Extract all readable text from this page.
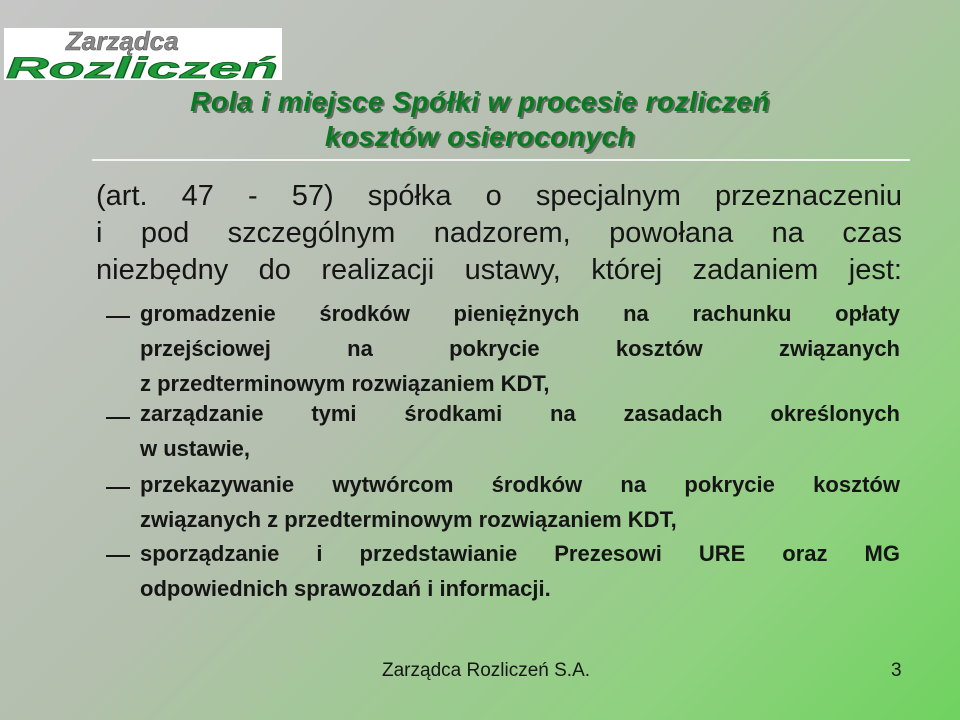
Zarządca
Rozliczeń
Rola i miejsce Spółki w procesie rozliczeń
kosztów osieroconych
(art. 47 - 57) spółka o specjalnym przeznaczeniu
i pod szczególnym nadzorem, powołana na czas
niezbędny do realizacji ustawy, której zadaniem jest:
gromadzenie środków pieniężnych na rachunku opłaty
przejściowej	na	pokrycie	kosztów	związanych
z przedterminowym rozwiązaniem KDT,
zarządzanie tymi środkami na zasadach określonych
w ustawie,
przekazywanie wytwórcom środków na pokrycie kosztów
związanych z przedterminowym rozwiązaniem KDT,
sporządzanie i przedstawianie Prezesowi URE oraz MG
odpowiednich sprawozdań i informacji.
Zarządca Rozliczeń S.A.	3
